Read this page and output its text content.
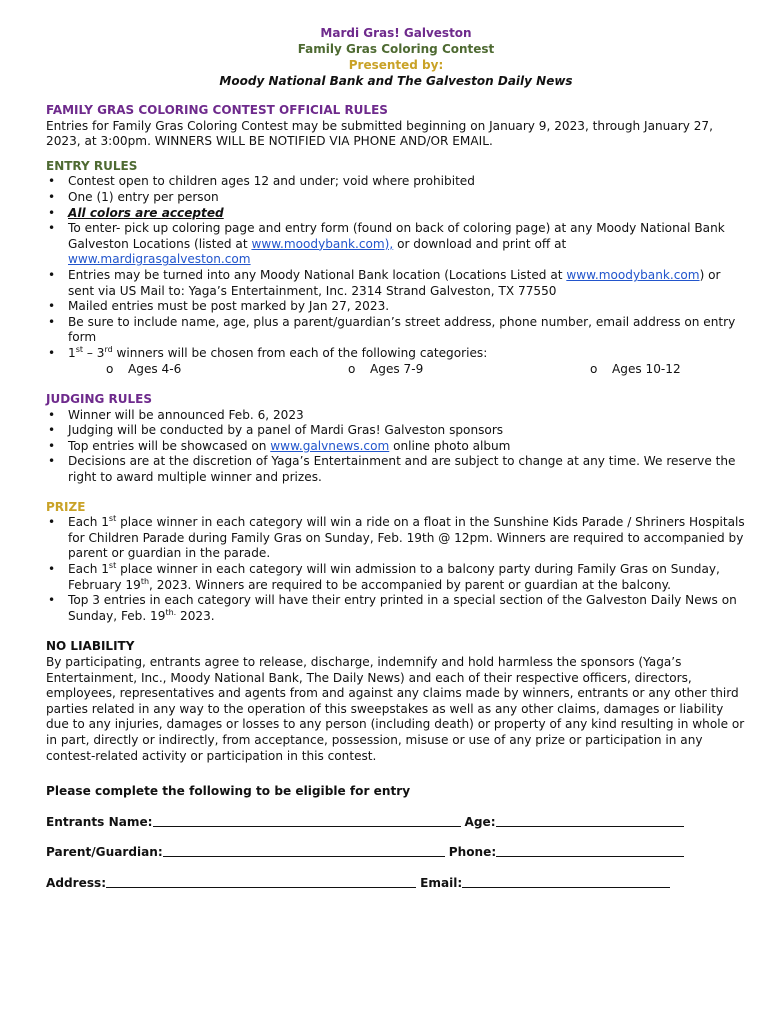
Mardi Gras! Galveston
Family Gras Coloring Contest
Presented by:
Moody National Bank and The Galveston Daily News
FAMILY GRAS COLORING CONTEST OFFICIAL RULES

Entries for Family Gras Coloring Contest may be submitted beginning on January 9, 2023, through January 27, 2023, at 3:00pm. WINNERS WILL BE NOTIFIED VIA PHONE AND/OR EMAIL.

ENTRY RULES
• Contest open to children ages 12 and under; void where prohibited
• One (1) entry per person
• All colors are accepted
• To enter- pick up coloring page and entry form (found on back of coloring page) at any Moody National Bank Galveston Locations (listed at www.moodybank.com), or download and print off at www.mardigrasgalveston.com
• Entries may be turned into any Moody National Bank location (Locations Listed at www.moodybank.com) or sent via US Mail to: Yaga’s Entertainment, Inc. 2314 Strand Galveston, TX 77550
• Mailed entries must be post marked by Jan 27, 2023.
• Be sure to include name, age, plus a parent/guardian’s street address, phone number, email address on entry form
• 1st – 3rd winners will be chosen from each of the following categories:
o	Ages 4-6	o	Ages 7-9	o	Ages 10-12
JUDGING RULES
• Winner will be announced Feb. 6, 2023
• Judging will be conducted by a panel of Mardi Gras! Galveston sponsors
• Top entries will be showcased on www.galvnews.com online photo album
• Decisions are at the discretion of Yaga’s Entertainment and are subject to change at any time. We reserve the right to award multiple winner and prizes.
PRIZE
• Each 1st place winner in each category will win a ride on a float in the Sunshine Kids Parade / Shriners Hospitals for Children Parade during Family Gras on Sunday, Feb. 19th @ 12pm. Winners are required to accompanied by parent or guardian in the parade.
• Each 1st place winner in each category will win admission to a balcony party during Family Gras on Sunday, February 19th, 2023. Winners are required to be accompanied by parent or guardian at the balcony.
• Top 3 entries in each category will have their entry printed in a special section of the Galveston Daily News on Sunday, Feb. $19^{th.}$ 2023.
NO LIABILITY

By participating, entrants agree to release, discharge, indemnify and hold harmless the sponsors (Yaga’s Entertainment, Inc., Moody National Bank, The Daily News) and each of their respective officers, directors, employees, representatives and agents from and against any claims made by winners, entrants or any other third parties related in any way to the operation of this sweepstakes as well as any other claims, damages or liability due to any injuries, damages or losses to any person (including death) or property of any kind resulting in whole or in part, directly or indirectly, from acceptance, possession, misuse or use of any prize or participation in any contest-related activity or participation in this contest.

Please complete the following to be eligible for entry
Entrants Name:	Age:
Parent/Guardian:	Phone:
Address:	Email:
